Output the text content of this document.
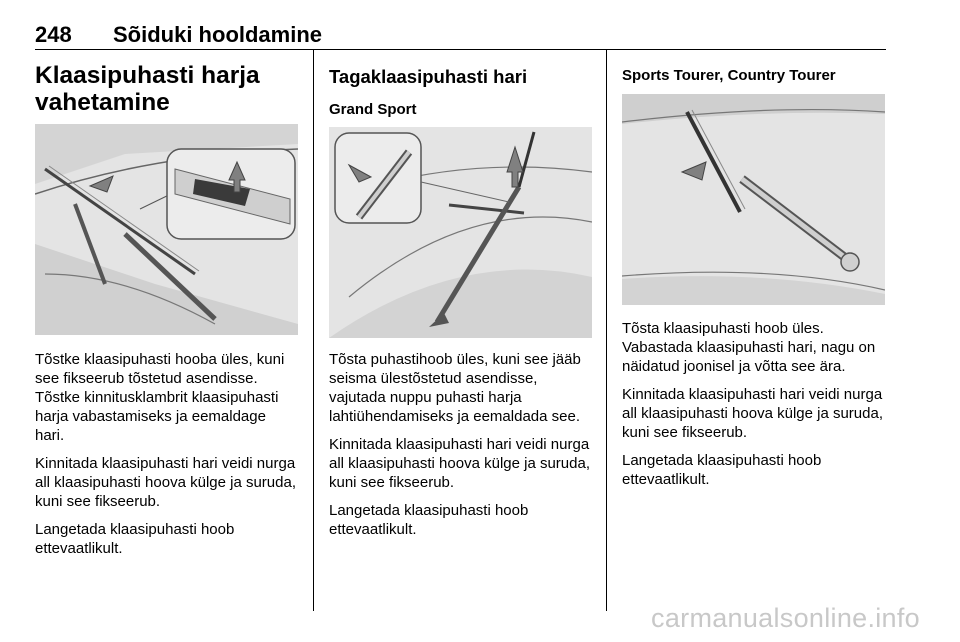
248 Sõiduki hooldamine
Klaasipuhasti harja vahetamine

Tõstke klaasipuhasti hooba üles, kuni see fikseerub tõstetud asendisse. Tõstke kinnitusklambrit klaasipuhasti harja vabastamiseks ja eemaldage hari.

Kinnitada klaasipuhasti hari veidi nurga all klaasipuhasti hoova külge ja suruda, kuni see fikseerub.

Langetada klaasipuhasti hoob ettevaatlikult.

Tagaklaasipuhasti hari
Grand Sport

Tõsta puhastihoob üles, kuni see jääb seisma ülestõstetud asendisse, vajutada nuppu puhasti harja lahtiühendamiseks ja eemaldada see.

Kinnitada klaasipuhasti hari veidi nurga all klaasipuhasti hoova külge ja suruda, kuni see fikseerub.

Langetada klaasipuhasti hoob ettevaatlikult.

Sports Tourer, Country Tourer

Tõsta klaasipuhasti hoob üles. Vabastada klaasipuhasti hari, nagu on näidatud joonisel ja võtta see ära.

Kinnitada klaasipuhasti hari veidi nurga all klaasipuhasti hoova külge ja suruda, kuni see fikseerub.

Langetada klaasipuhasti hoob ettevaatlikult.

carmanualsonline.info
